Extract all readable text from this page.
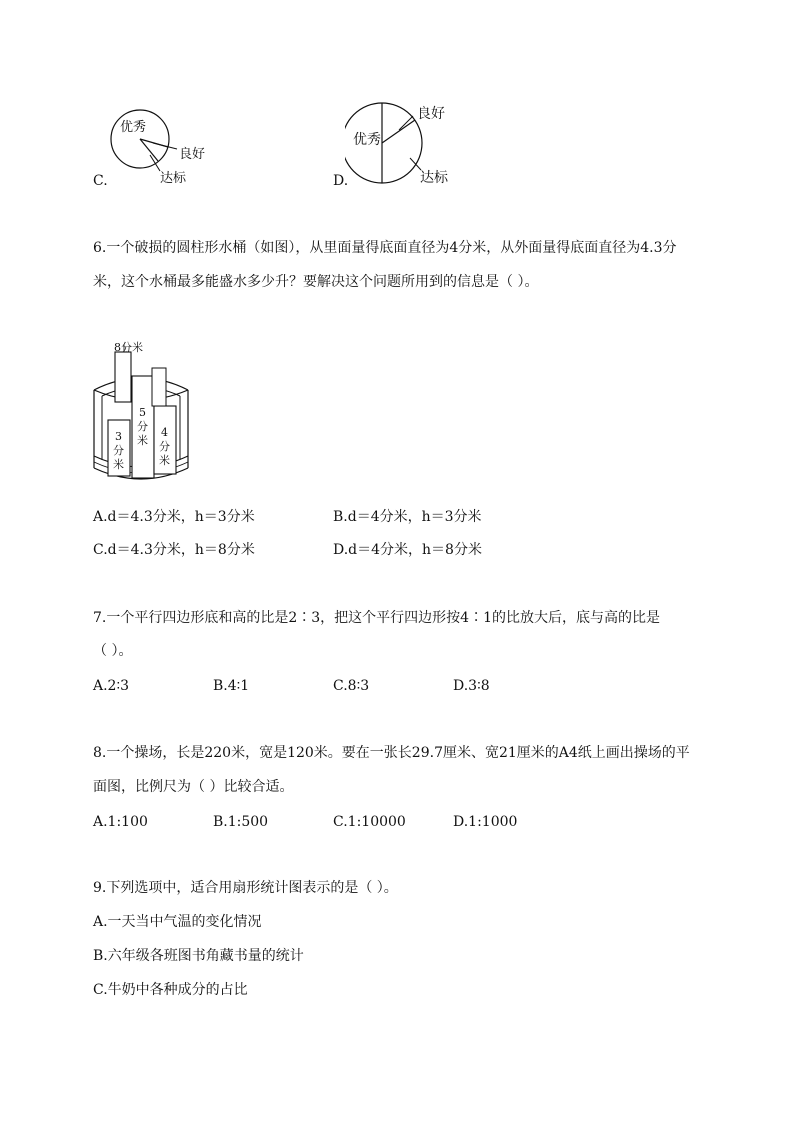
C.
优秀
良好
达标	D.
优秀
良好
达标
6.一个破损的圆柱形水桶（如图），从里面量得底面直径为4分米，从外面量得底面直径为4.3分
米，这个水桶最多能盛水多少升？要解决这个问题所用到的信息是（ ）。
8分米
5
分
米
3
分
米
4
分
米
A.d＝4.3分米，h＝3分米	B.d＝4分米，h＝3分米
C.d＝4.3分米，h＝8分米	D.d＝4分米，h＝8分米
7.一个平行四边形底和高的比是2∶3，把这个平行四边形按4∶1的比放大后，底与高的比是
（ ）。
A.2∶3	B.4∶1	C.8∶3	D.3∶8
8.一个操场，长是220米，宽是120米。要在一张长29.7厘米、宽21厘米的A4纸上画出操场的平
面图，比例尺为（ ）比较合适。
A.1:100	B.1:500	C.1:10000	D.1:1000
9.下列选项中，适合用扇形统计图表示的是（ ）。
A.一天当中气温的变化情况
B.六年级各班图书角藏书量的统计
C.牛奶中各种成分的占比
